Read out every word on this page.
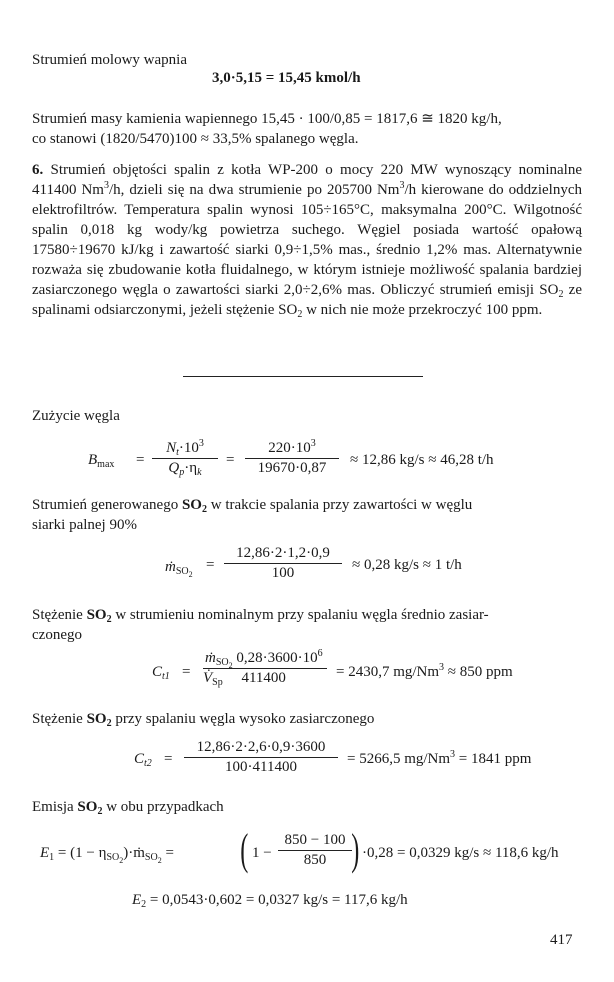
Strumień molowy wapnia
3,0·5,15 = 15,45 kmol/h
Strumień masy kamienia wapiennego 15,45 · 100/0,85 = 1817,6 ≅ 1820 kg/h,
co stanowi (1820/5470)100 ≈ 33,5% spalanego węgla.
6. Strumień objętości spalin z kotła WP-200 o mocy 220 MW wynoszący nominalne 411400 Nm$^3$/h, dzieli się na dwa strumienie po 205700 Nm$^3$/h kierowane do oddzielnych elektrofiltrów. Temperatura spalin wynosi 105÷165°C, maksymalna 200°C. Wilgotność spalin 0,018 kg wody/kg powietrza suchego. Węgiel posiada wartość opałową 17580÷19670 kJ/kg i zawartość siarki 0,9÷1,5% mas., średnio 1,2% mas. Alternatywnie rozważa się zbudowanie kotła fluidalnego, w którym istnieje możliwość spalania bardziej zasiarczonego węgla o zawartości siarki 2,0÷2,6% mas. Obliczyć strumień emisji $SO_2$ ze spalinami odsiarczonymi, jeżeli stężenie $SO_2$ w nich nie może przekroczyć 100 ppm.
Zużycie węgla
$B_{max} = \frac{N_t\cdot 10^3}{Q_p\cdot\eta_k} = \frac{220\cdot 10^3}{19670\cdot 0,87} \approx 12,86$ kg/s ≈ 46,28 t/h
Strumień generowanego $SO_2$ w trakcie spalania przy zawartości w węglu
siarki palnej 90%
ṁ$_{SO_2}$
= $\frac{12,86\cdot 2\cdot 1,2\cdot 0,9}{100} \approx 0,28$ kg/s ≈ 1 t/h
Stężenie $SO_2$ w strumieniu nominalnym przy spalaniu węgla średnio zasiar-
czonego
$C_{t1}$ =
ṁ$_{SO_2}$ $0,28\cdot 3600\cdot 10^6$
$V̇_{Sp}$ 411400	= 2430,7 $mg/Nm^3 \approx 850$ ppm
Stężenie $SO_2$ przy spalaniu węgla wysoko zasiarczonego
$C_{t2} = \frac{12,86\cdot 2\cdot 2,6\cdot 0,9\cdot 3600}{100\cdot 411400} = 5266,5$ $mg/Nm^3 = 1841$ ppm
Emisja $SO_2$ w obu przypadkach
$E_1 = (1$ − $\eta_{SO_2})\cdot ṁ_{SO_2}$ = ( $1 - \frac{850 - 100}{850}$ ) ·0,28 = 0,0329 kg/s ≈ 118,6 kg/h
$E_2 = 0,0543\cdot 0,602 = 0,0327$ kg/s = 117,6 kg/h
417
